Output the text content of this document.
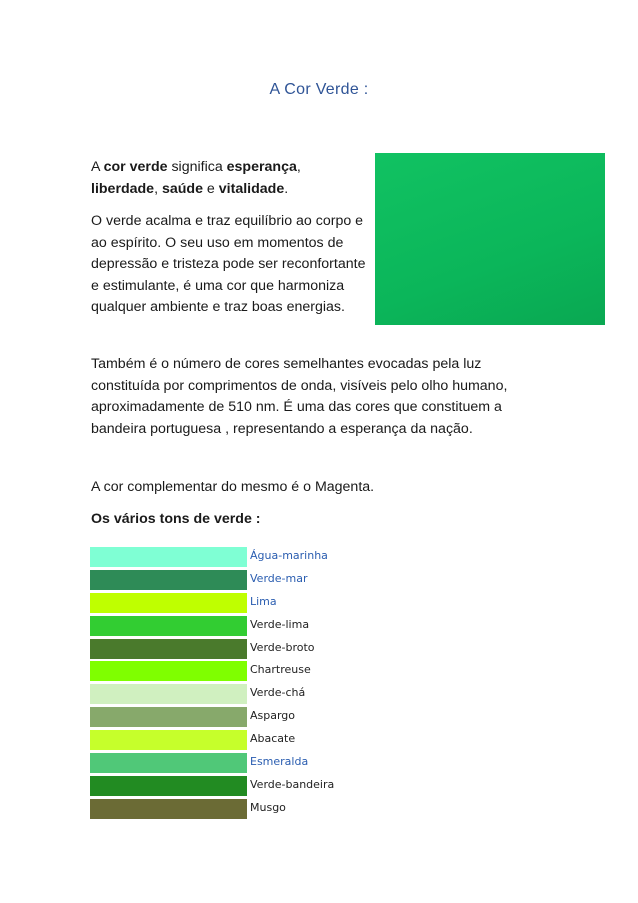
A Cor Verde :

A cor verde significa esperança, liberdade, saúde e vitalidade.

O verde acalma e traz equilíbrio ao corpo e ao espírito. O seu uso em momentos de depressão e tristeza pode ser reconfortante e estimulante, é uma cor que harmoniza qualquer ambiente e traz boas energias.

Também é o número de cores semelhantes evocadas pela luz constituída por comprimentos de onda, visíveis pelo olho humano, aproximadamente de 510 nm. É uma das cores que constituem a bandeira portuguesa , representando a esperança da nação.

A cor complementar do mesmo é o Magenta.

Os vários tons de verde :

Água-marinha
Verde-mar
Lima
Verde-lima
Verde-broto
Chartreuse
Verde-chá
Aspargo
Abacate
Esmeralda
Verde-bandeira
Musgo
